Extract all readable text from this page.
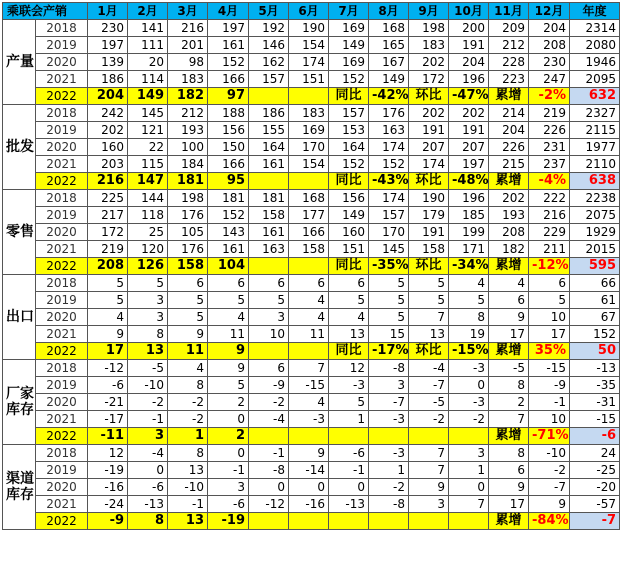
乘联会产销		1月	2月	3月	4月	5月	6月	7月	8月	9月	10月	11月	12月	年度
产量	2018	230	141	216	197	192	190	169	168	198	200	209	204	2314
	2019	197	111	201	161	146	154	149	165	183	191	212	208	2080
	2020	139	20	98	152	162	174	169	167	202	204	228	230	1946
	2021	186	114	183	166	157	151	152	149	172	196	223	247	2095
	2022	204	149	182	97			同比	-42%	环比	-47%	累增	-2%	632
批发	2018	242	145	212	188	186	183	157	176	202	202	214	219	2327
	2019	202	121	193	156	155	169	153	163	191	191	204	226	2115
	2020	160	22	100	150	164	170	164	174	207	207	226	231	1977
	2021	203	115	184	166	161	154	152	152	174	197	215	237	2110
	2022	216	147	181	95			同比	-43%	环比	-48%	累增	-4%	638
零售	2018	225	144	198	181	181	168	156	174	190	196	202	222	2238
	2019	217	118	176	152	158	177	149	157	179	185	193	216	2075
	2020	172	25	105	143	161	166	160	170	191	199	208	229	1929
	2021	219	120	176	161	163	158	151	145	158	171	182	211	2015
	2022	208	126	158	104			同比	-35%	环比	-34%	累增	-12%	595
出口	2018	5	5	6	6	6	6	6	5	5	4	4	6	66
	2019	5	3	5	5	5	4	5	5	5	5	6	5	61
	2020	4	3	5	4	3	4	4	5	7	8	9	10	67
	2021	9	8	9	11	10	11	13	15	13	19	17	17	152
	2022	17	13	11	9			同比	-17%	环比	-15%	累增	35%	50
厂家
库存	2018	-12	-5	4	9	6	7	12	-8	-4	-3	-5	-15	-13
	2019	-6	-10	8	5	-9	-15	-3	3	-7	0	8	-9	-35
	2020	-21	-2	-2	2	-2	4	5	-7	-5	-3	2	-1	-31
	2021	-17	-1	-2	0	-4	-3	1	-3	-2	-2	7	10	-15
	2022	-11	3	1	2							累增	-71%	-6
渠道
库存	2018	12	-4	8	0	-1	9	-6	-3	7	3	8	-10	24
	2019	-19	0	13	-1	-8	-14	-1	1	7	1	6	-2	-25
	2020	-16	-6	-10	3	0	0	0	-2	9	0	9	-7	-20
	2021	-24	-13	-1	-6	-12	-16	-13	-8	3	7	17	9	-57
	2022	-9	8	13	-19							累增	-84%	-7
